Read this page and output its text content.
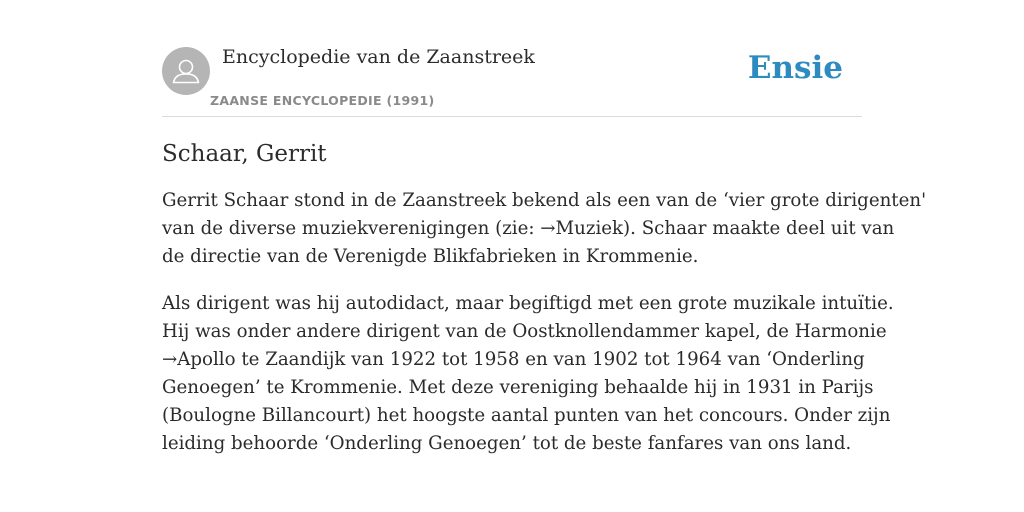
Encyclopedie van de Zaanstreek
ZAANSE ENCYCLOPEDIE (1991)
Ensie
Schaar, Gerrit

Gerrit Schaar stond in de Zaanstreek bekend als een van de ‘vier grote dirigenten'
van de diverse muziekverenigingen (zie: →Muziek). Schaar maakte deel uit van
de directie van de Verenigde Blikfabrieken in Krommenie.

Als dirigent was hij autodidact, maar begiftigd met een grote muzikale intuïtie.
Hij was onder andere dirigent van de Oostknollendammer kapel, de Harmonie
→Apollo te Zaandijk van 1922 tot 1958 en van 1902 tot 1964 van ‘Onderling
Genoegen’ te Krommenie. Met deze vereniging behaalde hij in 1931 in Parijs
(Boulogne Billancourt) het hoogste aantal punten van het concours. Onder zijn
leiding behoorde ‘Onderling Genoegen’ tot de beste fanfares van ons land.
